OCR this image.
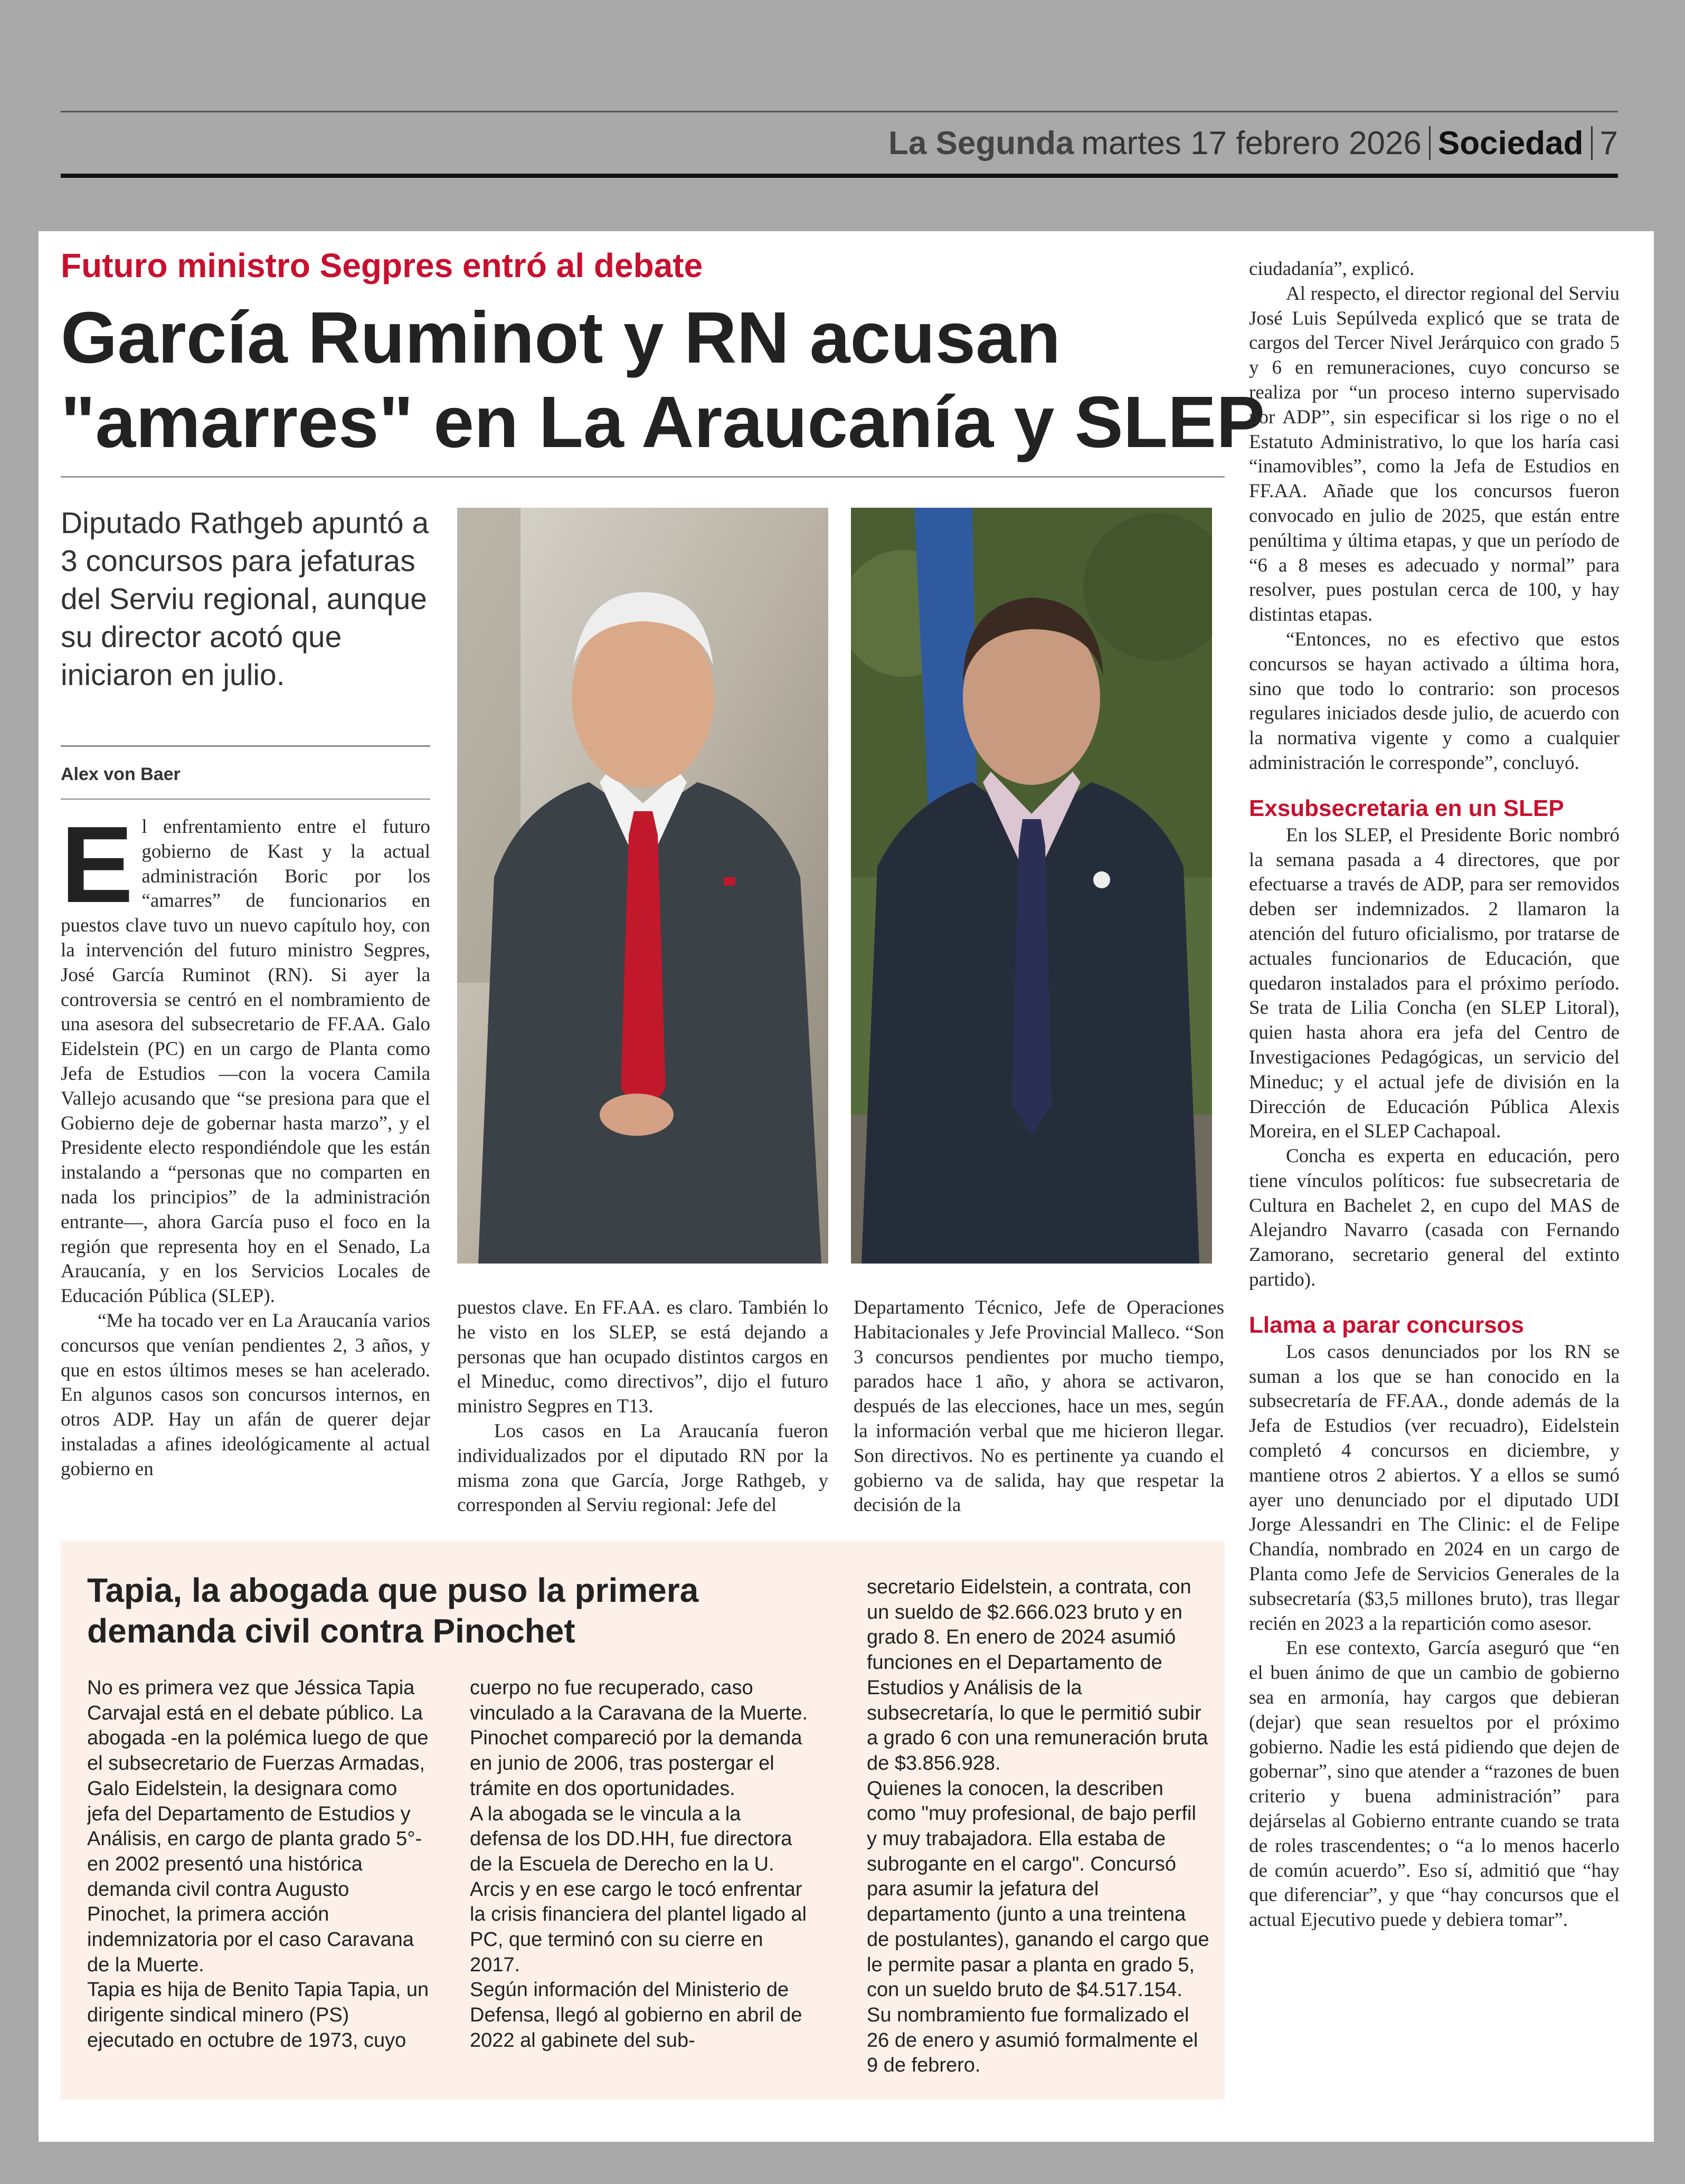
La Segunda martes 17 febrero 2026 Sociedad 7
Futuro ministro Segpres entró al debate
García Ruminot y RN acusan
"amarres" en La Araucanía y SLEP
Diputado Rathgeb apuntó a 3 concursos para jefaturas del Serviu regional, aunque su director acotó que iniciaron en julio.
Alex von Baer
E l enfrentamiento entre el futuro gobierno de Kast y la actual administración Boric por los “amarres” de funcionarios en puestos clave tuvo un nuevo capítulo hoy, con la intervención del futuro ministro Segpres, José García Ruminot (RN). Si ayer la controversia se centró en el nombramiento de una asesora del subsecretario de FF.AA. Galo Eidelstein (PC) en un cargo de Planta como Jefa de Estudios —con la vocera Camila Vallejo acusando que “se presiona para que el Gobierno deje de gobernar hasta marzo”, y el Presidente electo respondiéndole que les están instalando a “personas que no comparten en nada los principios” de la administración entrante—, ahora García puso el foco en la región que representa hoy en el Senado, La Araucanía, y en los Servicios Locales de Educación Pública (SLEP).

“Me ha tocado ver en La Araucanía varios concursos que venían pendientes 2, 3 años, y que en estos últimos meses se han acelerado. En algunos casos son concursos internos, en otros ADP. Hay un afán de querer dejar instaladas a afines ideológicamente al actual gobierno en

puestos clave. En FF.AA. es claro. También lo he visto en los SLEP, se está dejando a personas que han ocupado distintos cargos en el Mineduc, como directivos”, dijo el futuro ministro Segpres en T13.

Los casos en La Araucanía fueron individualizados por el diputado RN por la misma zona que García, Jorge Rathgeb, y corresponden al Serviu regional: Jefe del

Departamento Técnico, Jefe de Operaciones Habitacionales y Jefe Provincial Malleco. “Son 3 concursos pendientes por mucho tiempo, parados hace 1 año, y ahora se activaron, después de las elecciones, hace un mes, según la información verbal que me hicieron llegar. Son directivos. No es pertinente ya cuando el gobierno va de salida, hay que respetar la decisión de la

ciudadanía”, explicó.

Al respecto, el director regional del Serviu José Luis Sepúlveda explicó que se trata de cargos del Tercer Nivel Jerárquico con grado 5 y 6 en remuneraciones, cuyo concurso se realiza por “un proceso interno supervisado por ADP”, sin especificar si los rige o no el Estatuto Administrativo, lo que los haría casi “inamovibles”, como la Jefa de Estudios en FF.AA. Añade que los concursos fueron convocado en julio de 2025, que están entre penúltima y última etapas, y que un período de “6 a 8 meses es adecuado y normal” para resolver, pues postulan cerca de 100, y hay distintas etapas.

“Entonces, no es efectivo que estos concursos se hayan activado a última hora, sino que todo lo contrario: son procesos regulares iniciados desde julio, de acuerdo con la normativa vigente y como a cualquier administración le corresponde”, concluyó.

Exsubsecretaria en un SLEP

En los SLEP, el Presidente Boric nombró la semana pasada a 4 directores, que por efectuarse a través de ADP, para ser removidos deben ser indemnizados. 2 llamaron la atención del futuro oficialismo, por tratarse de actuales funcionarios de Educación, que quedaron instalados para el próximo período. Se trata de Lilia Concha (en SLEP Litoral), quien hasta ahora era jefa del Centro de Investigaciones Pedagógicas, un servicio del Mineduc; y el actual jefe de división en la Dirección de Educación Pública Alexis Moreira, en el SLEP Cachapoal.

Concha es experta en educación, pero tiene vínculos políticos: fue subsecretaria de Cultura en Bachelet 2, en cupo del MAS de Alejandro Navarro (casada con Fernando Zamorano, secretario general del extinto partido).

Llama a parar concursos

Los casos denunciados por los RN se suman a los que se han conocido en la subsecretaría de FF.AA., donde además de la Jefa de Estudios (ver recuadro), Eidelstein completó 4 concursos en diciembre, y mantiene otros 2 abiertos. Y a ellos se sumó ayer uno denunciado por el diputado UDI Jorge Alessandri en The Clinic: el de Felipe Chandía, nombrado en 2024 en un cargo de Planta como Jefe de Servicios Generales de la subsecretaría ($3,5 millones bruto), tras llegar recién en 2023 a la repartición como asesor.

En ese contexto, García aseguró que “en el buen ánimo de que un cambio de gobierno sea en armonía, hay cargos que debieran (dejar) que sean resueltos por el próximo gobierno. Nadie les está pidiendo que dejen de gobernar”, sino que atender a “razones de buen criterio y buena administración” para dejárselas al Gobierno entrante cuando se trata de roles trascendentes; o “a lo menos hacerlo de común acuerdo”. Eso sí, admitió que “hay que diferenciar”, y que “hay concursos que el actual Ejecutivo puede y debiera tomar”.

Tapia, la abogada que puso la primera demanda civil contra Pinochet

No es primera vez que Jéssica Tapia Carvajal está en el debate público. La abogada -en la polémica luego de que el subsecretario de Fuerzas Armadas, Galo Eidelstein, la designara como jefa del Departamento de Estudios y Análisis, en cargo de planta grado 5°- en 2002 presentó una histórica demanda civil contra Augusto Pinochet, la primera acción indemnizatoria por el caso Caravana de la Muerte.

Tapia es hija de Benito Tapia Tapia, un dirigente sindical minero (PS) ejecutado en octubre de 1973, cuyo

cuerpo no fue recuperado, caso vinculado a la Caravana de la Muerte. Pinochet compareció por la demanda en junio de 2006, tras postergar el trámite en dos oportunidades.

A la abogada se le vincula a la defensa de los DD.HH, fue directora de la Escuela de Derecho en la U. Arcis y en ese cargo le tocó enfrentar la crisis financiera del plantel ligado al PC, que terminó con su cierre en 2017.

Según información del Ministerio de Defensa, llegó al gobierno en abril de 2022 al gabinete del sub-

secretario Eidelstein, a contrata, con un sueldo de $2.666.023 bruto y en grado 8. En enero de 2024 asumió funciones en el Departamento de Estudios y Análisis de la subsecretaría, lo que le permitió subir a grado 6 con una remuneración bruta de $3.856.928.

Quienes la conocen, la describen como "muy profesional, de bajo perfil y muy trabajadora. Ella estaba de subrogante en el cargo". Concursó para asumir la jefatura del departamento (junto a una treintena de postulantes), ganando el cargo que le permite pasar a planta en grado 5, con un sueldo bruto de $4.517.154. Su nombramiento fue formalizado el 26 de enero y asumió formalmente el 9 de febrero.
